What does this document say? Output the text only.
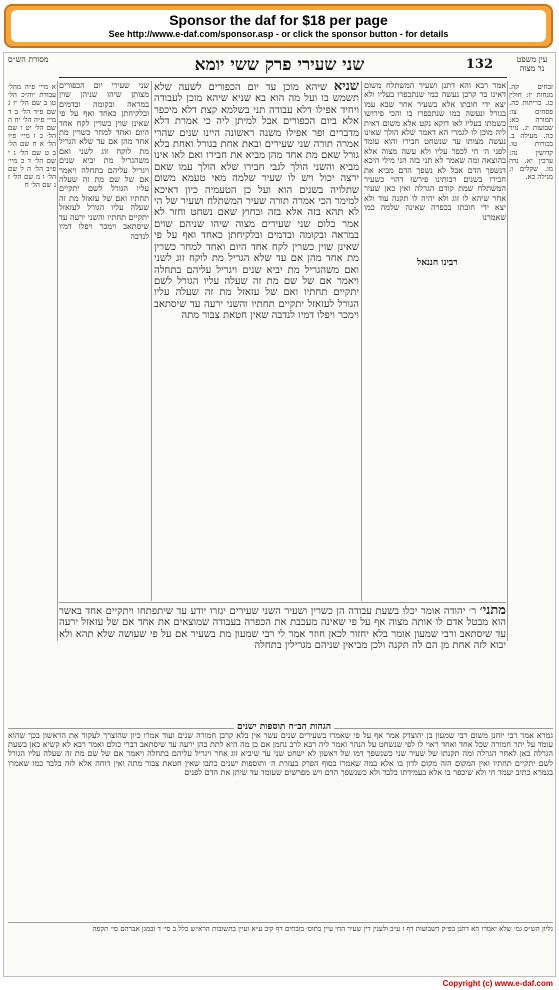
Sponsor the daf for $18 per page
See http://www.e-daf.com/sponsor.asp - or click the sponsor button - for details
מסורת הש״ס	שני שעירי פרק ששי יומא	132	עין משפט נר מצוה
זבחים קה. מנחות יז: חולין כג. כריתות כה. פסחים צו: תמורה כא: שבועות יג. נזיר כה. מעילה ב. בכורות טו. קדושין נה: ערכין יא. נדה מו. שקלים ו: מגילה כא.
אמר רבא והא דתנן ושעיר המשתלח משום דאינו בר קרבן נעשה כמי שנתכפרו בעליו ולא יצא ידי חובתו אלא בשעיר אחר שבא עמו בגורל ונעשה כמו שנתכפרו בו והכי פירושו כשמתו בעליו לאו דוקא נקט אלא משום דאית ליה מוכן לו לגמרי הא דאמר שלא הולך שאינו נעשה מצותו עד שנשחט חבירו והוא עומד לפני ה׳ חי לכפר עליו ולא עשה מצוה אלא בהוצאה ומה שאמר לא תני בזה הני מילי היכא דנשפך הדם אבל לא נשפך הדם מביא את חבירו בשנים רבותינו פירשו דהוי כשעיר המשתלח שמת קודם הגרלה ואין כאן שעיר אחר שיהא לו זוג ולא יהיה לו תקנה עוד ולא יצא ידי חובתו בכפרה שאינה שלמה כמו שאמרנו
שניא שיהא מוכן עד יום הכפורים לשעה שלא תשמש בו ועל מה הוא בא שניא שיהא מוכן לעבודה ויחיד אפילו דלא עבודה תני בשלמא קצת דלא מיכפר אלא ביום הכפורים אבל למיתן ליה כי אמרת דלא מדברים ופר אפילו משנה ראשונה היינו שנים שהרי אמרה תורה שני שעירים ובאת אחת בגורל ואחת בלא גורל שאם מת אחד מהן מביא את חבירו ואם לאו אינו מביא והשני הולך לגבי חבירו שלא הולך עמו שאם ירצה יכול ויש לו שעיר שלמה מאי טעמא משום שתלויה בשנים הוא ועל כן הטעמיה כיון דאיכא למימר הכי אמרה תורה שעיר המשתלח ושעיר של הי לא תהא בזה אלא בזה ובחוץ שאם נשחט וחזר לא אמר כלום שני שעירים מצוה שיהו שניהם שוים במראה ובקומה ובדמים ובלקיחתן כאחד ואף על פי שאינן שוין כשרין לקח אחד היום ואחד למחר כשרין מת אחד מהן אם עד שלא הגריל מת לוקח זוג לשני ואם משהגריל מת יביא שנים ויגריל עליהם בתחלה ויאמר אם של שם מת זה שעלה עליו הגורל לשם יתקיים תחתיו ואם של עזאזל מת זה שעלה עליו הגורל לעזאזל יתקיים תחתיו והשני ירעה עד שיסתאב וימכר ויפלו דמיו לנדבה שאין חטאת צבור מתה
שני שעירי יום הכפורים מצותן שיהו שניהן שוין במראה ובקומה ובדמים ובלקיחתן כאחד ואף על פי שאינן שוין כשרין לקח אחד היום ואחד למחר כשרין מת אחד מהן אם עד שלא הגריל מת לוקח זוג לשני ואם משהגריל מת יביא שנים ויגריל עליהם בתחלה ויאמר אם של שם מת זה שעלה עליו הגורל לשם יתקיים תחתיו ואם של עזאזל מת זה שעלה עליו הגורל לעזאזל יתקיים תחתיו והשני ירעה עד שיסתאב וימכר ויפלו דמיו לנדבה
א מיי׳ פ״ה מהל׳ עבודת יוה״כ הל׳ טו ב שם הל׳ יז ג שם פ״ד הל׳ ב ד מיי׳ פ״ה הל׳ יח ה שם הל׳ יט ו שם הל׳ כ ז מיי׳ פ״ו הל׳ א ח שם הל׳ ב ט שם הל׳ ג י שם הל׳ ד כ מיי׳ פ״ב הל׳ ה ל שם הל׳ ו מ שם הל׳ ז נ שם הל׳ ח
רבינו חננאל
מתני׳ ר׳ יהודה אומר יכלו בשעת עבודה הן כשרין ושעיר השני שעירים יגזרו יודע עד שיתפתחו ויתקיים אחד באשר הוא מבטל אדם לו אותה מצוה אף על פי שאינה מעכבת את הכפרה בעבודה שמוצאים את אחד אם של עזאזל ירעה עד שיסתאב ורבי שמעון אומר בלא יחזור לכאן חוזר אמר לי רבי שמעון מת בשעיר אם על פי שעושה שלא תהא ולא יבוא לזה אחת מן הם לה תקנה ולכן מביאין שניהם מגרילין בתחלה
הגהות הב״ח תוספות ישנים
גמרא אמר רבי יוחנן משום רבי שמעון בן יהוצדק אמר אף על פי שאמרו בשעירים שנים עשר אין בלא קרבן חמורה שנים ועוד אמרו כיון שהוצרך לעקור את הראשון בכך שהוא עומד על יתר חמורה שכל אחד ואחד ראוי לו לפי שנשחט על הנהר ואמר ליה רבא לרב נחמן אם כן מה היא לתת בהן ירעה עד שיסתאב דברי כולם ואמר רבא לא קשיא כאן בשעת הגרלה כאן לאחר הגרלה ומה תקנתו של שעיר שני כשנשפך דמו של ראשון לא ישחט שני עד שיביא זוג אחר ויגריל עליהם בתחלה ויאמר אם של שם מת זה שעלה עליו הגורל לשם יתקיים תחתיו ואין המקום הזה מקום לדון בו אלא במה שאמרו בסוף הפרק בעזרת ה׳ ותוספות ישנים כתבו שאין חטאת צבור מתה ואין דוחה אלא לזה בלבד כמו שאמרו בגמרא כתיב יעמד חי ולא שיכפר בו אלא בעמידתו בלבד ולא כשנשפך הדם ויש מפרשים שעומד עד שיתן את הדם לפנים
גליון הש״ס גמ׳ שלא יאמרו הא דתנן בפ״ק דשבועות דף ז ע״ב ולענין דין שעיר החי עיין בתוס׳ בזבחים דף קיב ע״א ועיין בתשובות הרא״ש כלל ב סי׳ ד ובמגן אברהם סי׳ תקפה
Copyright (c) www.e-daf.com
